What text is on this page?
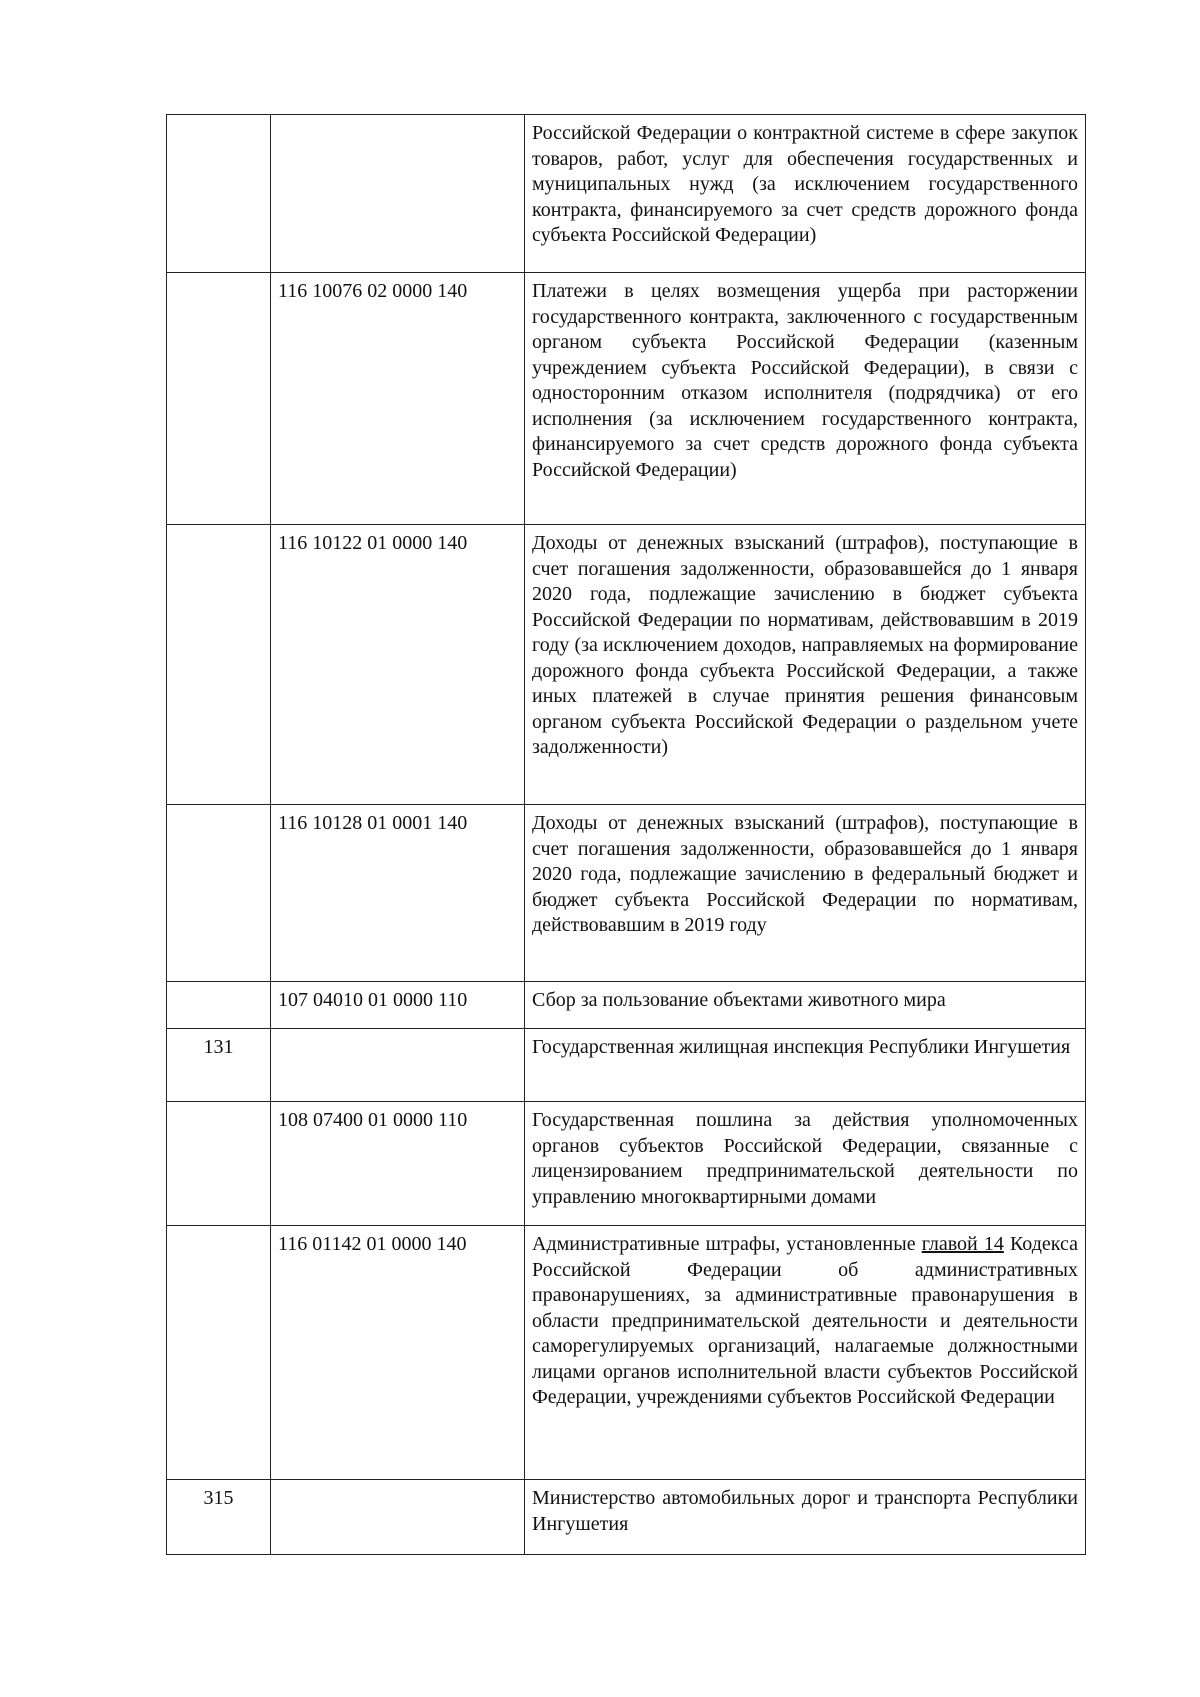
		Российской Федерации о контрактной системе в сфере закупок товаров, работ, услуг для обеспечения государственных и муниципальных нужд (за исключением государственного контракта, финансируемого за счет средств дорожного фонда субъекта Российской Федерации)
	116 10076 02 0000 140	Платежи в целях возмещения ущерба при расторжении государственного контракта, заключенного с государственным органом субъекта Российской Федерации (казенным учреждением субъекта Российской Федерации), в связи с односторонним отказом исполнителя (подрядчика) от его исполнения (за исключением государственного контракта, финансируемого за счет средств дорожного фонда субъекта Российской Федерации)
	116 10122 01 0000 140	Доходы от денежных взысканий (штрафов), поступающие в счет погашения задолженности, образовавшейся до 1 января 2020 года, подлежащие зачислению в бюджет субъекта Российской Федерации по нормативам, действовавшим в 2019 году (за исключением доходов, направляемых на формирование дорожного фонда субъекта Российской Федерации, а также иных платежей в случае принятия решения финансовым органом субъекта Российской Федерации о раздельном учете задолженности)
	116 10128 01 0001 140	Доходы от денежных взысканий (штрафов), поступающие в счет погашения задолженности, образовавшейся до 1 января 2020 года, подлежащие зачислению в федеральный бюджет и бюджет субъекта Российской Федерации по нормативам, действовавшим в 2019 году
	107 04010 01 0000 110	Сбор за пользование объектами животного мира
131		Государственная жилищная инспекция Республики Ингушетия
	108 07400 01 0000 110	Государственная пошлина за действия уполномоченных органов субъектов Российской Федерации, связанные с лицензированием предпринимательской деятельности по управлению многоквартирными домами
	116 01142 01 0000 140	Административные штрафы, установленные главой 14 Кодекса Российской Федерации об административных правонарушениях, за административные правонарушения в области предпринимательской деятельности и деятельности саморегулируемых организаций, налагаемые должностными лицами органов исполнительной власти субъектов Российской Федерации, учреждениями субъектов Российской Федерации
315		Министерство автомобильных дорог и транспорта Республики Ингушетия
